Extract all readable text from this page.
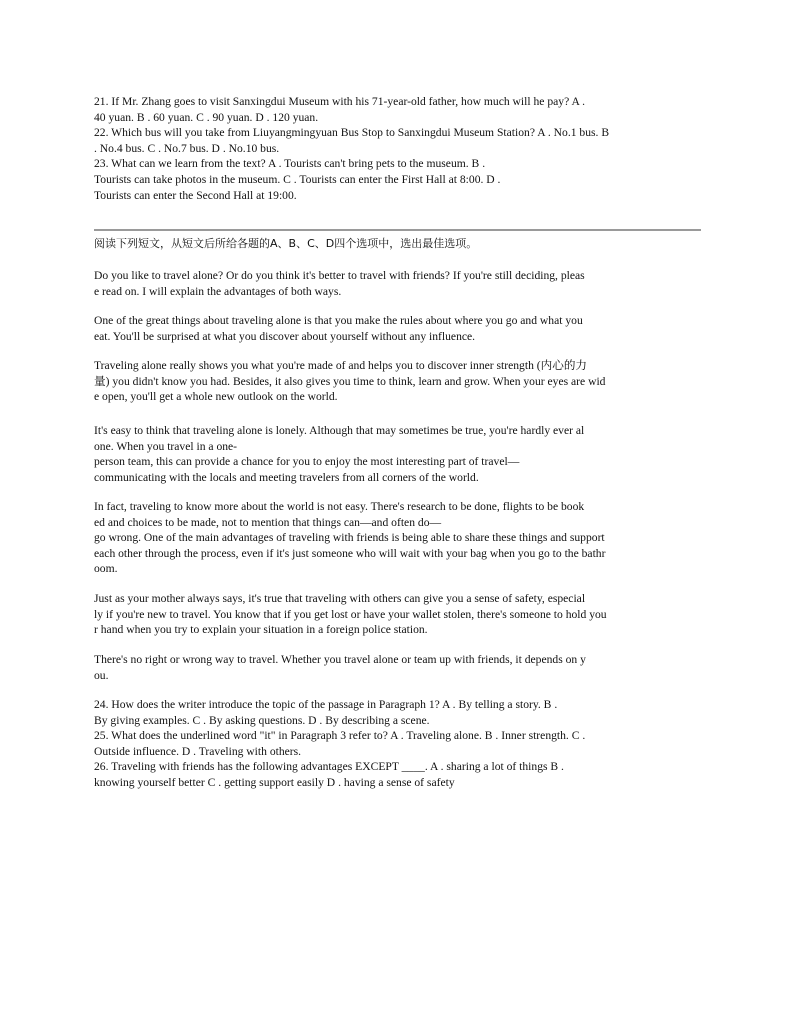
21. If Mr. Zhang goes to visit Sanxingdui Museum with his 71-year-old father, how much will he pay? A .
40 yuan. B . 60 yuan. C . 90 yuan. D . 120 yuan.
22. Which bus will you take from Liuyangmingyuan Bus Stop to Sanxingdui Museum Station? A . No.1 bus. B
. No.4 bus. C . No.7 bus. D . No.10 bus.
23. What can we learn from the text? A . Tourists can't bring pets to the museum. B .
Tourists can take photos in the museum. C . Tourists can enter the First Hall at 8:00. D .
Tourists can enter the Second Hall at 19:00.
阅读下列短文，从短文后所给各题的A、B、C、D四个选项中，选出最佳选项。
Do you like to travel alone? Or do you think it's better to travel with friends? If you're still deciding, pleas
e read on. I will explain the advantages of both ways.
One of the great things about traveling alone is that you make the rules about where you go and what you
eat. You'll be surprised at what you discover about yourself without any influence.
Traveling alone really shows you what you're made of and helps you to discover inner strength (内心的力
量) you didn't know you had. Besides, it also gives you time to think, learn and grow. When your eyes are wid
e open, you'll get a whole new outlook on the world.
It's easy to think that traveling alone is lonely. Although that may sometimes be true, you're hardly ever al
one. When you travel in a one-
person team, this can provide a chance for you to enjoy the most interesting part of travel—
communicating with the locals and meeting travelers from all corners of the world.
In fact, traveling to know more about the world is not easy. There's research to be done, flights to be book
ed and choices to be made, not to mention that things can—and often do—
go wrong. One of the main advantages of traveling with friends is being able to share these things and support
each other through the process, even if it's just someone who will wait with your bag when you go to the bathr
oom.
Just as your mother always says, it's true that traveling with others can give you a sense of safety, especial
ly if you're new to travel. You know that if you get lost or have your wallet stolen, there's someone to hold you
r hand when you try to explain your situation in a foreign police station.
There's no right or wrong way to travel. Whether you travel alone or team up with friends, it depends on y
ou.
24. How does the writer introduce the topic of the passage in Paragraph 1? A . By telling a story. B .
By giving examples. C . By asking questions. D . By describing a scene.
25. What does the underlined word "it" in Paragraph 3 refer to? A . Traveling alone. B . Inner strength. C .
Outside influence. D . Traveling with others.
26. Traveling with friends has the following advantages EXCEPT ____. A . sharing a lot of things B .
knowing yourself better C . getting support easily D . having a sense of safety
